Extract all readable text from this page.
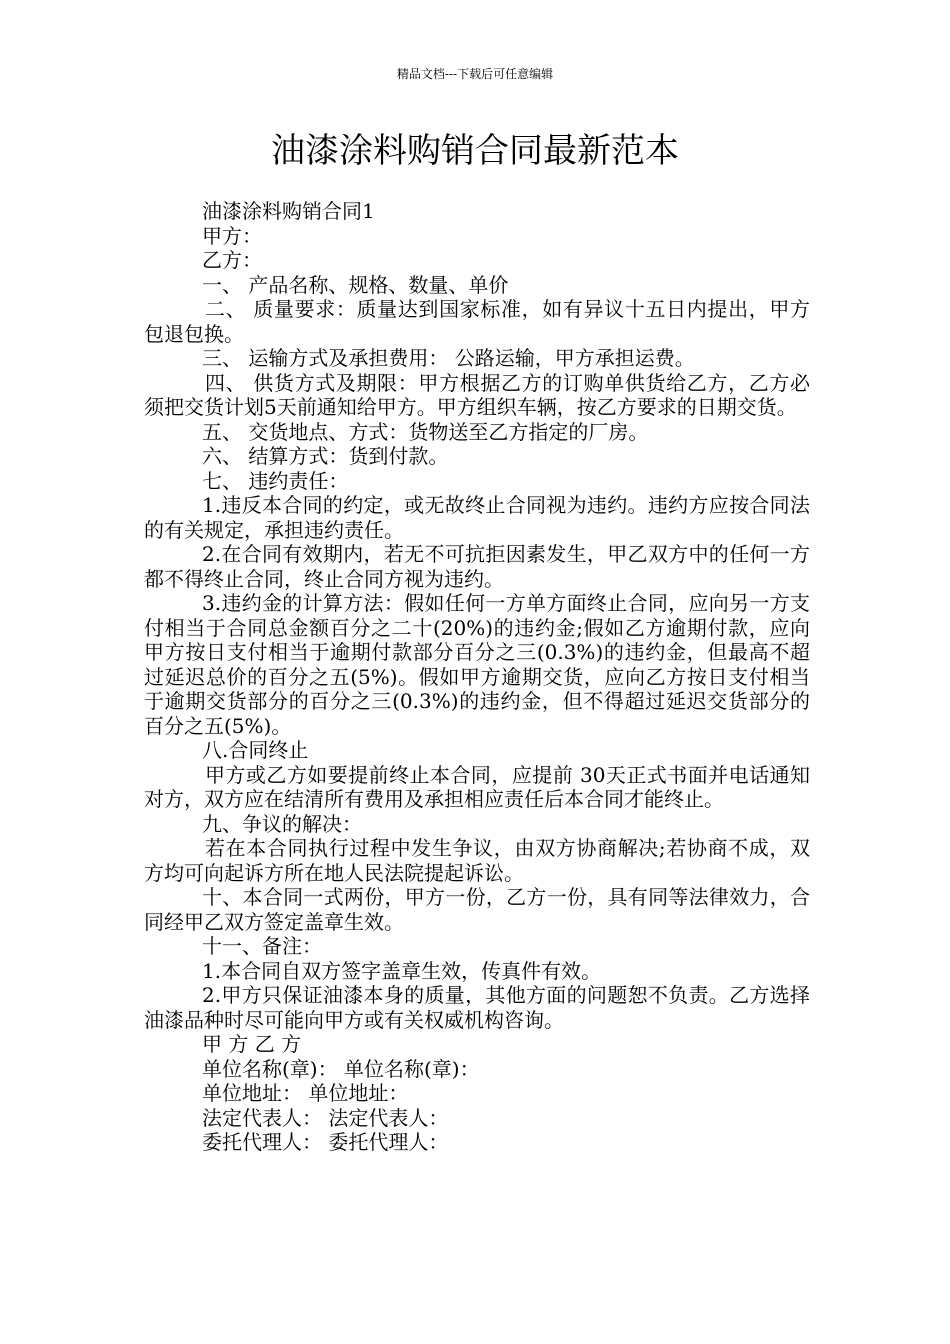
精品文档---下载后可任意编辑
油漆涂料购销合同最新范本

油漆涂料购销合同1

甲方：

乙方：

一、 产品名称、规格、数量、单价

二、 质量要求：质量达到国家标准，如有异议十五日内提出，甲方包退包换。

三、 运输方式及承担费用： 公路运输，甲方承担运费。

四、 供货方式及期限：甲方根据乙方的订购单供货给乙方，乙方必须把交货计划5天前通知给甲方。甲方组织车辆，按乙方要求的日期交货。

五、 交货地点、方式：货物送至乙方指定的厂房。

六、 结算方式：货到付款。

七、 违约责任：

1.违反本合同的约定，或无故终止合同视为违约。违约方应按合同法的有关规定，承担违约责任。

2.在合同有效期内，若无不可抗拒因素发生，甲乙双方中的任何一方都不得终止合同，终止合同方视为违约。

3.违约金的计算方法：假如任何一方单方面终止合同，应向另一方支付相当于合同总金额百分之二十(20%)的违约金;假如乙方逾期付款，应向甲方按日支付相当于逾期付款部分百分之三(0.3%)的违约金，但最高不超过延迟总价的百分之五(5%)。假如甲方逾期交货，应向乙方按日支付相当于逾期交货部分的百分之三(0.3%)的违约金，但不得超过延迟交货部分的百分之五(5%)。

八.合同终止

甲方或乙方如要提前终止本合同，应提前 30天正式书面并电话通知对方，双方应在结清所有费用及承担相应责任后本合同才能终止。

九、争议的解决：

若在本合同执行过程中发生争议，由双方协商解决;若协商不成，双方均可向起诉方所在地人民法院提起诉讼。

十、本合同一式两份，甲方一份，乙方一份，具有同等法律效力，合同经甲乙双方签定盖章生效。

十一、备注：

1.本合同自双方签字盖章生效，传真件有效。

2.甲方只保证油漆本身的质量，其他方面的问题恕不负责。乙方选择油漆品种时尽可能向甲方或有关权威机构咨询。

甲 方 乙 方

单位名称(章)： 单位名称(章)：

单位地址： 单位地址：

法定代表人： 法定代表人：

委托代理人： 委托代理人：
